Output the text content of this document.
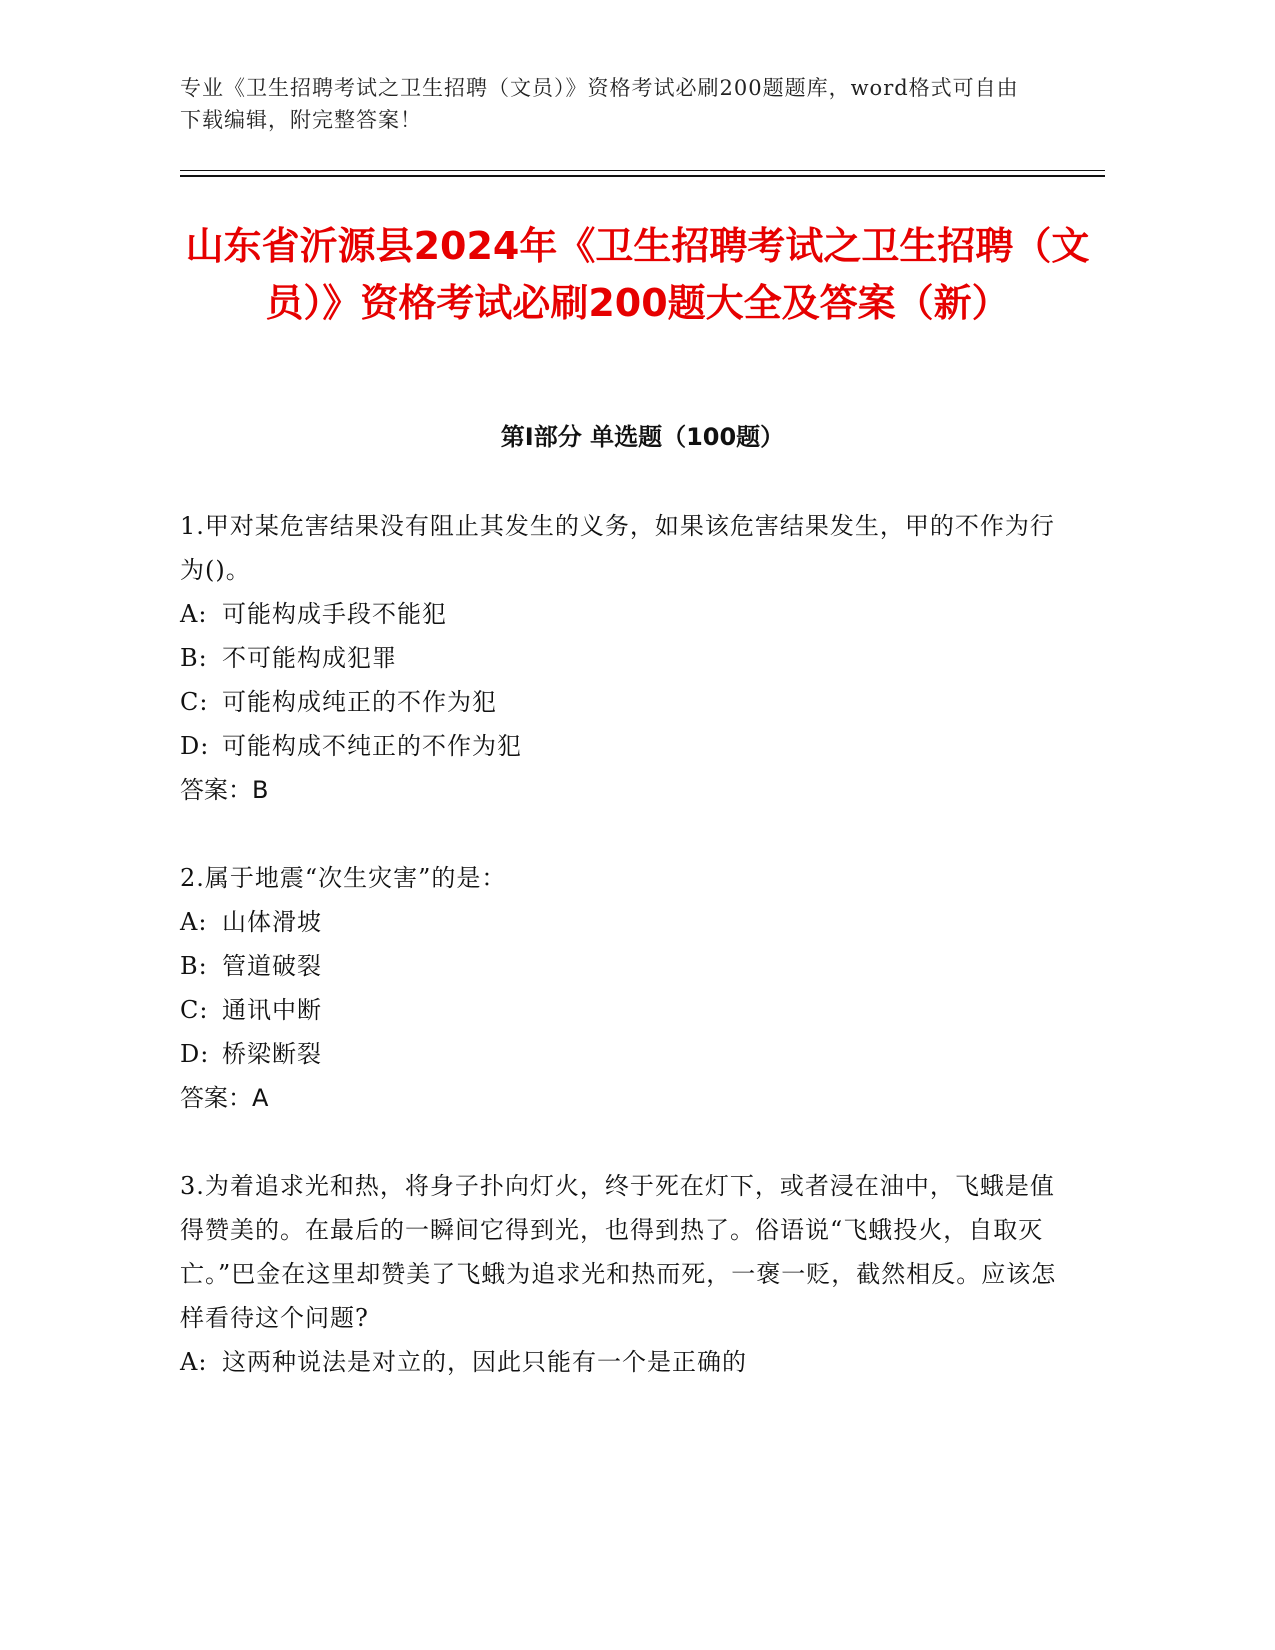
专业《卫生招聘考试之卫生招聘（文员）》资格考试必刷200题题库，word格式可自由下载编辑，附完整答案！
山东省沂源县2024年《卫生招聘考试之卫生招聘（文员）》资格考试必刷200题大全及答案（新）
第I部分 单选题（100题）

1.甲对某危害结果没有阻止其发生的义务，如果该危害结果发生，甲的不作为行为()。

A: 可能构成手段不能犯
B: 不可能构成犯罪
C: 可能构成纯正的不作为犯
D: 可能构成不纯正的不作为犯

答案：B

2.属于地震“次生灾害”的是：

A: 山体滑坡
B: 管道破裂
C: 通讯中断
D: 桥梁断裂

答案：A

3.为着追求光和热，将身子扑向灯火，终于死在灯下，或者浸在油中，飞蛾是值得赞美的。在最后的一瞬间它得到光，也得到热了。俗语说“飞蛾投火，自取灭亡。”巴金在这里却赞美了飞蛾为追求光和热而死，一褒一贬，截然相反。应该怎样看待这个问题?

A: 这两种说法是对立的，因此只能有一个是正确的
